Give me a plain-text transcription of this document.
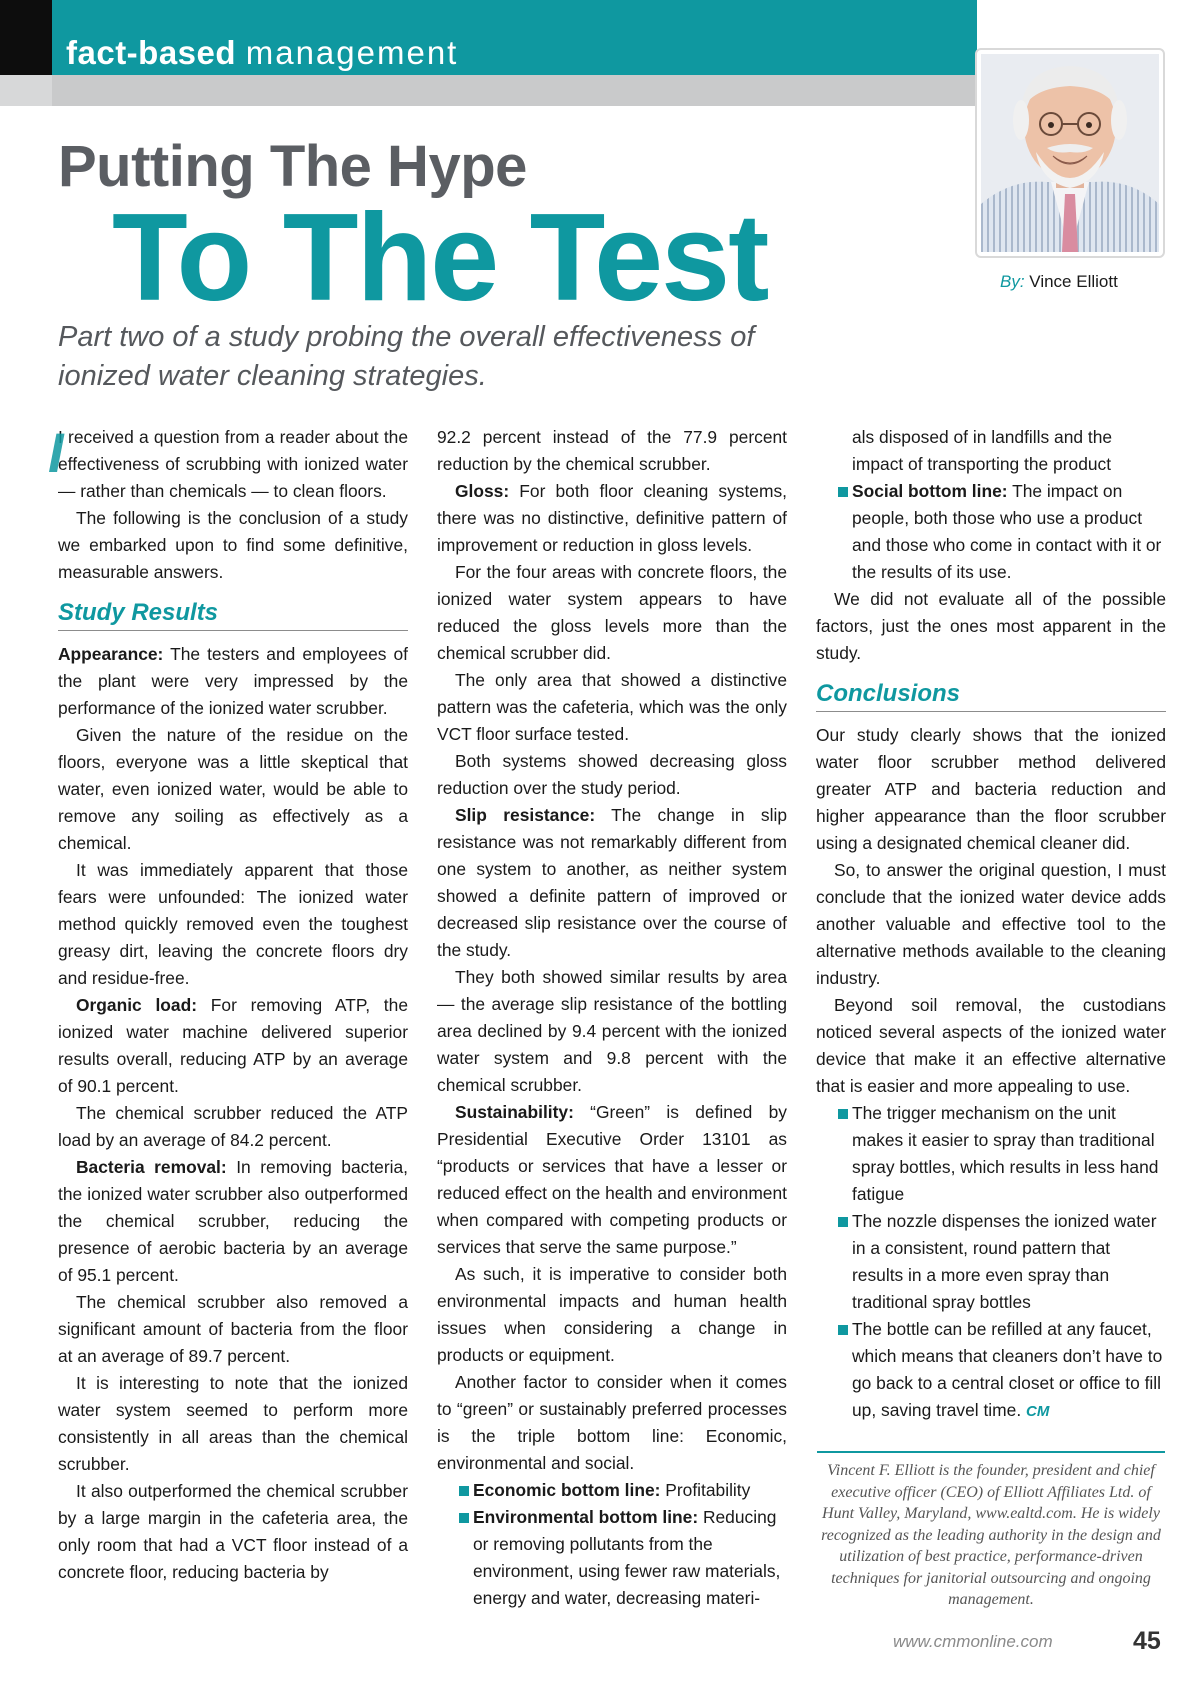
fact-based management
By: Vince Elliott
Putting The Hype
To The Test
Part two of a study probing the overall effectiveness of ionized water cleaning strategies.
I

I received a question from a reader about the effectiveness of scrubbing with ionized water — rather than chemicals — to clean floors.

The following is the conclusion of a study we embarked upon to find some definitive, measurable answers.

Study Results

Appearance: The testers and employees of the plant were very impressed by the performance of the ionized water scrubber.

Given the nature of the residue on the floors, everyone was a little skeptical that water, even ionized water, would be able to remove any soiling as effectively as a chemical.

It was immediately apparent that those fears were unfounded: The ionized water method quickly removed even the toughest greasy dirt, leaving the concrete floors dry and residue-free.

Organic load: For removing ATP, the ionized water machine delivered superior results overall, reducing ATP by an average of 90.1 percent.

The chemical scrubber reduced the ATP load by an average of 84.2 percent.

Bacteria removal: In removing bacteria, the ionized water scrubber also outperformed the chemical scrubber, reducing the presence of aerobic bacteria by an average of 95.1 percent.

The chemical scrubber also removed a significant amount of bacteria from the floor at an average of 89.7 percent.

It is interesting to note that the ionized water system seemed to perform more consistently in all areas than the chemical scrubber.

It also outperformed the chemical scrubber by a large margin in the cafeteria area, the only room that had a VCT floor instead of a concrete floor, reducing bacteria by

92.2 percent instead of the 77.9 percent reduction by the chemical scrubber.

Gloss: For both floor cleaning systems, there was no distinctive, definitive pattern of improvement or reduction in gloss levels.

For the four areas with concrete floors, the ionized water system appears to have reduced the gloss levels more than the chemical scrubber did.

The only area that showed a distinctive pattern was the cafeteria, which was the only VCT floor surface tested.

Both systems showed decreasing gloss reduction over the study period.

Slip resistance: The change in slip resistance was not remarkably different from one system to another, as neither system showed a definite pattern of improved or decreased slip resistance over the course of the study.

They both showed similar results by area — the average slip resistance of the bottling area declined by 9.4 percent with the ionized water system and 9.8 percent with the chemical scrubber.

Sustainability: “Green” is defined by Presidential Executive Order 13101 as “products or services that have a lesser or reduced effect on the health and environment when compared with competing products or services that serve the same purpose.”

As such, it is imperative to consider both environmental impacts and human health issues when considering a change in products or equipment.

Another factor to consider when it comes to “green” or sustainably preferred processes is the triple bottom line: Economic, environmental and social.

Economic bottom line: Profitability
Environmental bottom line: Reducing or removing pollutants from the environment, using fewer raw materials, energy and water, decreasing materi-
als disposed of in landfills and the impact of transporting the product
Social bottom line: The impact on people, both those who use a product and those who come in contact with it or the results of its use.

We did not evaluate all of the possible factors, just the ones most apparent in the study.

Conclusions

Our study clearly shows that the ionized water floor scrubber method delivered greater ATP and bacteria reduction and higher appearance than the floor scrubber using a designated chemical cleaner did.

So, to answer the original question, I must conclude that the ionized water device adds another valuable and effective tool to the alternative methods available to the cleaning industry.

Beyond soil removal, the custodians noticed several aspects of the ionized water device that make it an effective alternative that is easier and more appealing to use.

The trigger mechanism on the unit makes it easier to spray than traditional spray bottles, which results in less hand fatigue
The nozzle dispenses the ionized water in a consistent, round pattern that results in a more even spray than traditional spray bottles
The bottle can be refilled at any faucet, which means that cleaners don’t have to go back to a central closet or office to fill up, saving travel time. CM
Vincent F. Elliott is the founder, president and chief executive officer (CEO) of Elliott Affiliates Ltd. of Hunt Valley, Maryland, www.ealtd.com. He is widely recognized as the leading authority in the design and utilization of best practice, performance-driven techniques for janitorial outsourcing and ongoing management.
www.cmmonline.com	45
